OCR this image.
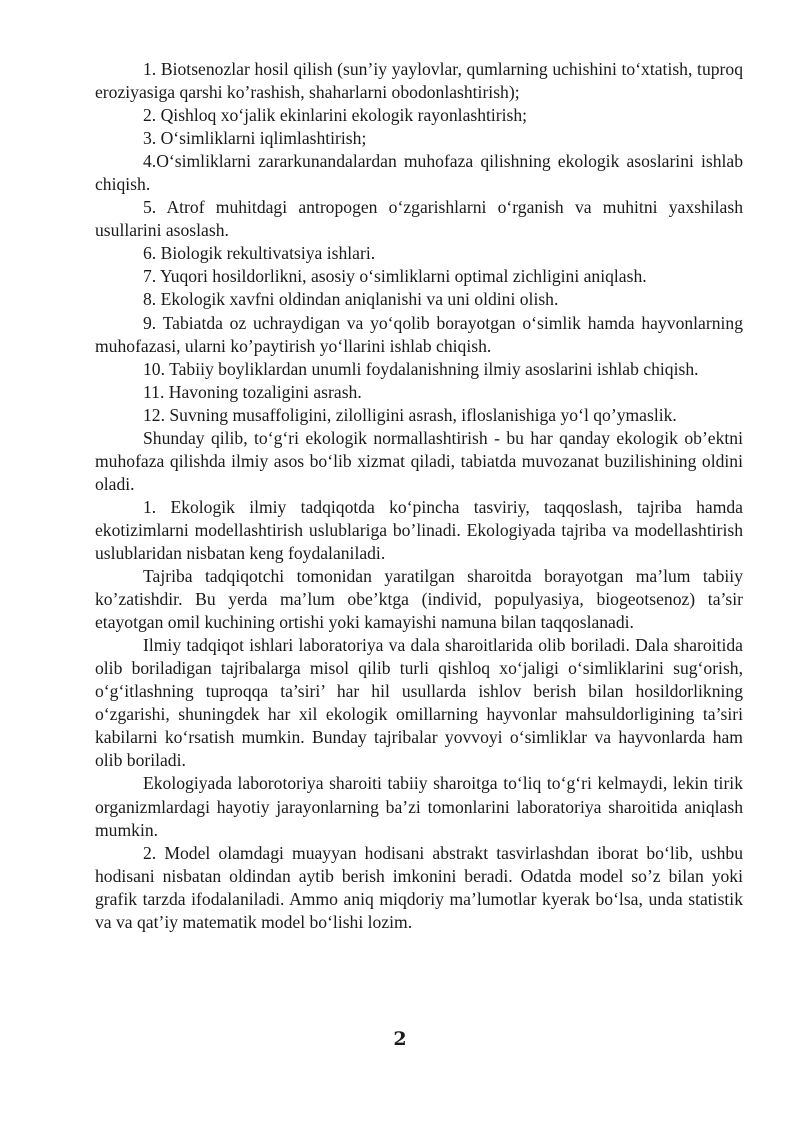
1. Biotsenozlar hosil qilish (sun’iy yaylovlar, qumlarning uchishini to‘xtatish, tuproq eroziyasiga qarshi ko’rashish, shaharlarni obodonlashtirish);

2. Qishloq xo‘jalik ekinlarini ekologik rayonlashtirish;

3. O‘simliklarni iqlimlashtirish;

4.O‘simliklarni zararkunandalardan muhofaza qilishning ekologik asoslarini ishlab chiqish.

5. Atrof muhitdagi antropogen o‘zgarishlarni o‘rganish va muhitni yaxshilash usullarini asoslash.

6. Biologik rekultivatsiya ishlari.

7. Yuqori hosildorlikni, asosiy o‘simliklarni optimal zichligini aniqlash.

8. Ekologik xavfni oldindan aniqlanishi va uni oldini olish.

9. Tabiatda oz uchraydigan va yo‘qolib borayotgan o‘simlik hamda hayvonlarning muhofazasi, ularni ko’paytirish yo‘llarini ishlab chiqish.

10. Tabiiy boyliklardan unumli foydalanishning ilmiy asoslarini ishlab chiqish.

11. Havoning tozaligini asrash.

12. Suvning musaffoligini, zilolligini asrash, ifloslanishiga yo‘l qo’ymaslik.

Shunday qilib, to‘g‘ri ekologik normallashtirish - bu har qanday ekologik ob’ektni muhofaza qilishda ilmiy asos bo‘lib xizmat qiladi, tabiatda muvozanat buzilishining oldini oladi.

1. Ekologik ilmiy tadqiqotda ko‘pincha tasviriy, taqqoslash, tajriba hamda ekotizimlarni modellashtirish uslublariga bo’linadi. Ekologiyada tajriba va modellashtirish uslublaridan nisbatan keng foydalaniladi.

Tajriba tadqiqotchi tomonidan yaratilgan sharoitda borayotgan ma’lum tabiiy ko’zatishdir. Bu yerda ma’lum obe’ktga (individ, populyasiya, biogeotsenoz) ta’sir etayotgan omil kuchining ortishi yoki kamayishi namuna bilan taqqoslanadi.

Ilmiy tadqiqot ishlari laboratoriya va dala sharoitlarida olib boriladi. Dala sharoitida olib boriladigan tajribalarga misol qilib turli qishloq xo‘jaligi o‘simliklarini sug‘orish, o‘g‘itlashning tuproqqa ta’siri’ har hil usullarda ishlov berish bilan hosildorlikning o‘zgarishi, shuningdek har xil ekologik omillarning hayvonlar mahsuldorligining ta’siri kabilarni ko‘rsatish mumkin. Bunday tajribalar yovvoyi o‘simliklar va hayvonlarda ham olib boriladi.

Ekologiyada laborotoriya sharoiti tabiiy sharoitga to‘liq to‘g‘ri kelmaydi, lekin tirik organizmlardagi hayotiy jarayonlarning ba’zi tomonlarini laboratoriya sharoitida aniqlash mumkin.

2. Model olamdagi muayyan hodisani abstrakt tasvirlashdan iborat bo‘lib, ushbu hodisani nisbatan oldindan aytib berish imkonini beradi. Odatda model so’z bilan yoki grafik tarzda ifodalaniladi. Ammo aniq miqdoriy ma’lumotlar kyerak bo‘lsa, unda statistik va va qat’iy matematik model bo‘lishi lozim.

2
